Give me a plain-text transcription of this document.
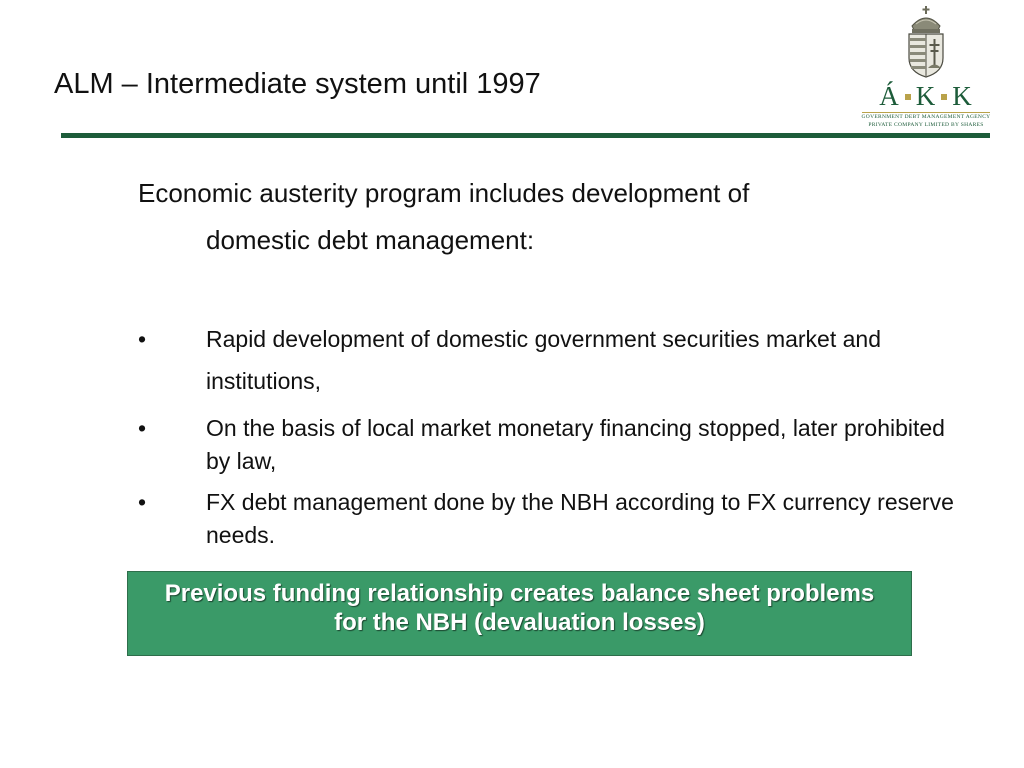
ALM – Intermediate system until 1997	Á K K
GOVERNMENT DEBT MANAGEMENT AGENCY
PRIVATE COMPANY LIMITED BY SHARES
Economic austerity program includes development of
domestic debt management:
•	Rapid development of domestic government securities market and institutions,
•	On the basis of local market monetary financing stopped, later prohibited by law,
•	FX debt management done by the NBH according to FX currency reserve needs.
Previous funding relationship creates balance sheet problems for the NBH (devaluation losses)
